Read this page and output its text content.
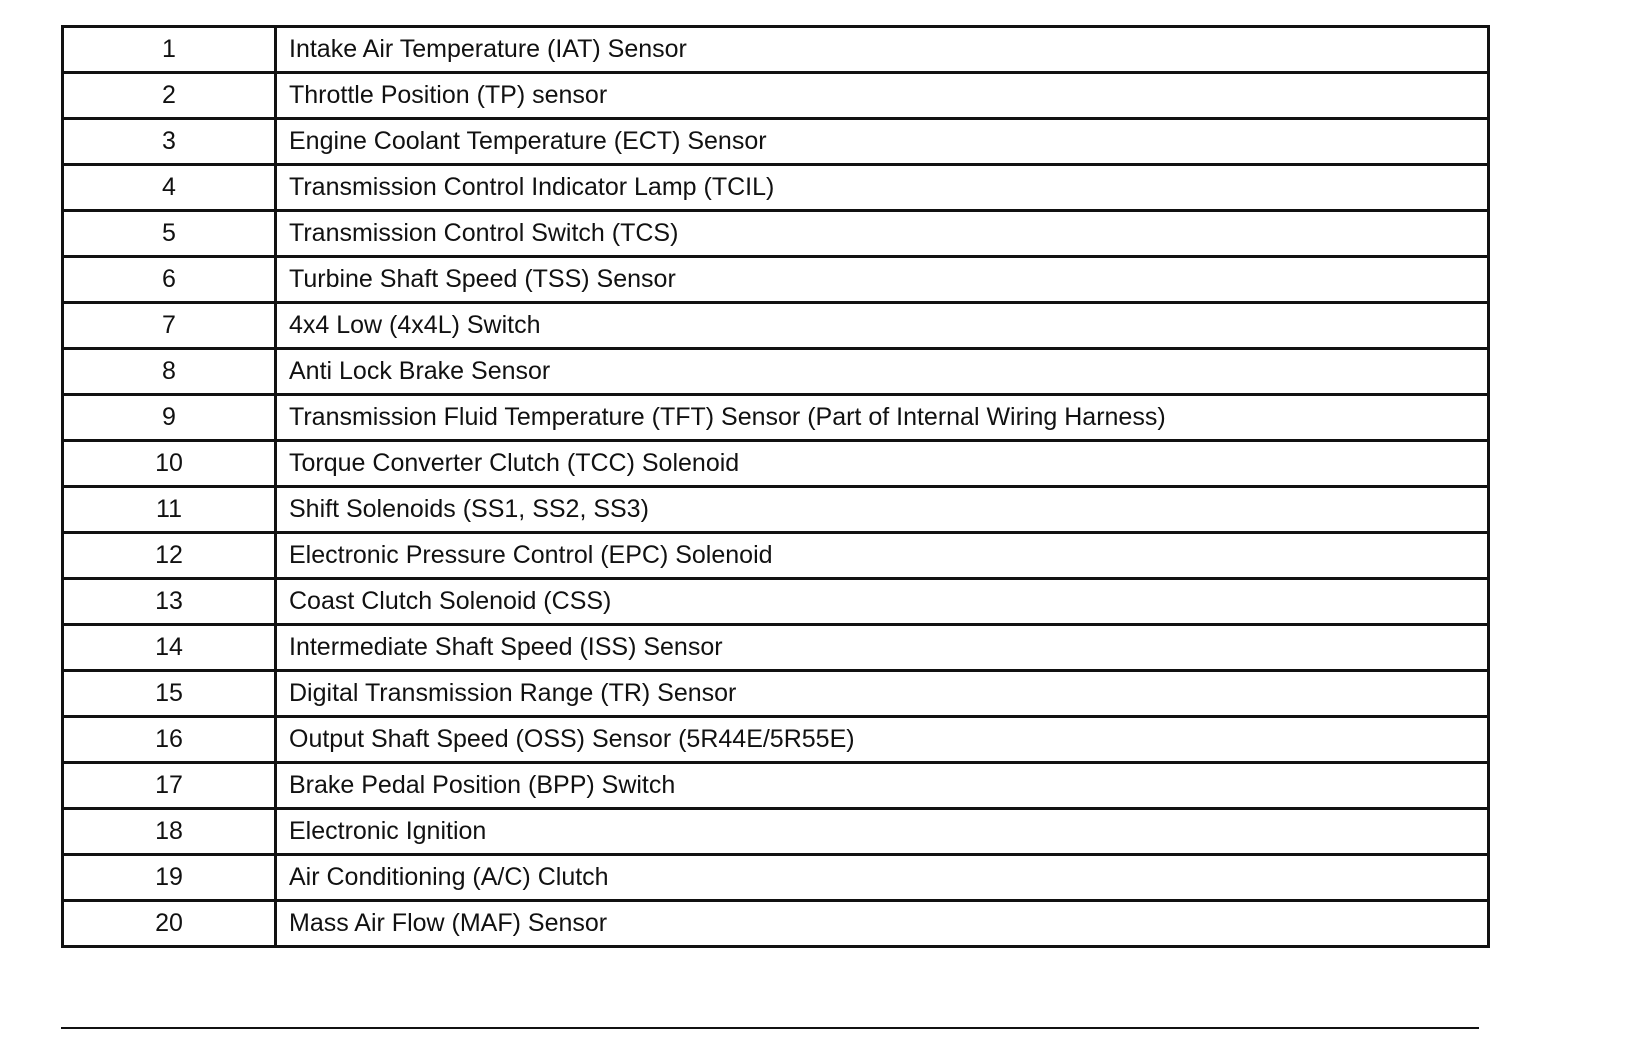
1	Intake Air Temperature (IAT) Sensor
2	Throttle Position (TP) sensor
3	Engine Coolant Temperature (ECT) Sensor
4	Transmission Control Indicator Lamp (TCIL)
5	Transmission Control Switch (TCS)
6	Turbine Shaft Speed (TSS) Sensor
7	4x4 Low (4x4L) Switch
8	Anti Lock Brake Sensor
9	Transmission Fluid Temperature (TFT) Sensor (Part of Internal Wiring Harness)
10	Torque Converter Clutch (TCC) Solenoid
11	Shift Solenoids (SS1, SS2, SS3)
12	Electronic Pressure Control (EPC) Solenoid
13	Coast Clutch Solenoid (CSS)
14	Intermediate Shaft Speed (ISS) Sensor
15	Digital Transmission Range (TR) Sensor
16	Output Shaft Speed (OSS) Sensor (5R44E/5R55E)
17	Brake Pedal Position (BPP) Switch
18	Electronic Ignition
19	Air Conditioning (A/C) Clutch
20	Mass Air Flow (MAF) Sensor
